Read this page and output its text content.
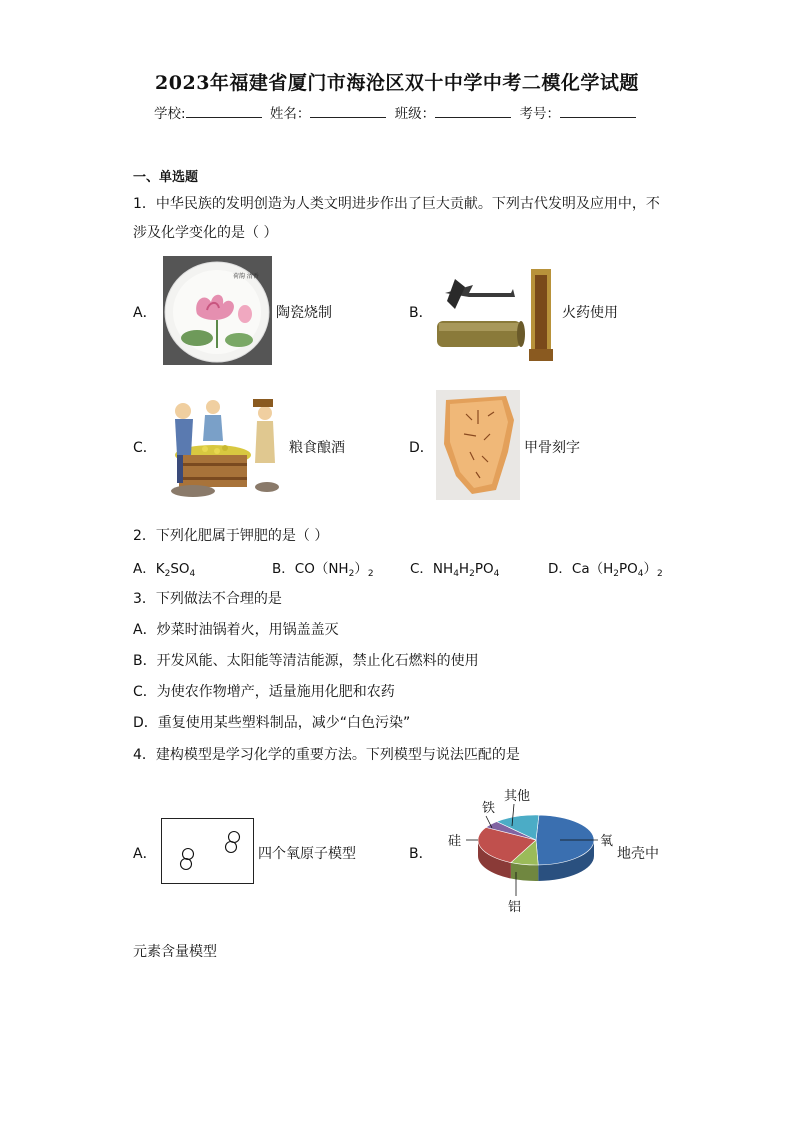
2023年福建省厦门市海沧区双十中学中考二模化学试题
学校:	姓名：	班级：	考号：
一、单选题
1．中华民族的发明创造为人类文明进步作出了巨大贡献。下列古代发明及应用中，不
涉及化学变化的是（ ）
A．
荷韵 清香
陶瓷烧制	B．	火药使用
C．	粮食酿酒	D．	甲骨刻字
2．下列化肥属于钾肥的是（ ）
A．$K_2SO_4$	B．$CO(NH_2)_2$	C．$NH_4H_2PO_4$	D．$Ca(H_2PO_4)_2$
3．下列做法不合理的是
A．炒菜时油锅着火，用锅盖盖灭
B．开发风能、太阳能等清洁能源，禁止化石燃料的使用
C．为使农作物增产，适量施用化肥和农药
D．重复使用某些塑料制品，减少“白色污染”
4．建构模型是学习化学的重要方法。下列模型与说法匹配的是
A．	四个氧原子模型	B．
其他
铁
硅	氧
铝
地壳中
元素含量模型
